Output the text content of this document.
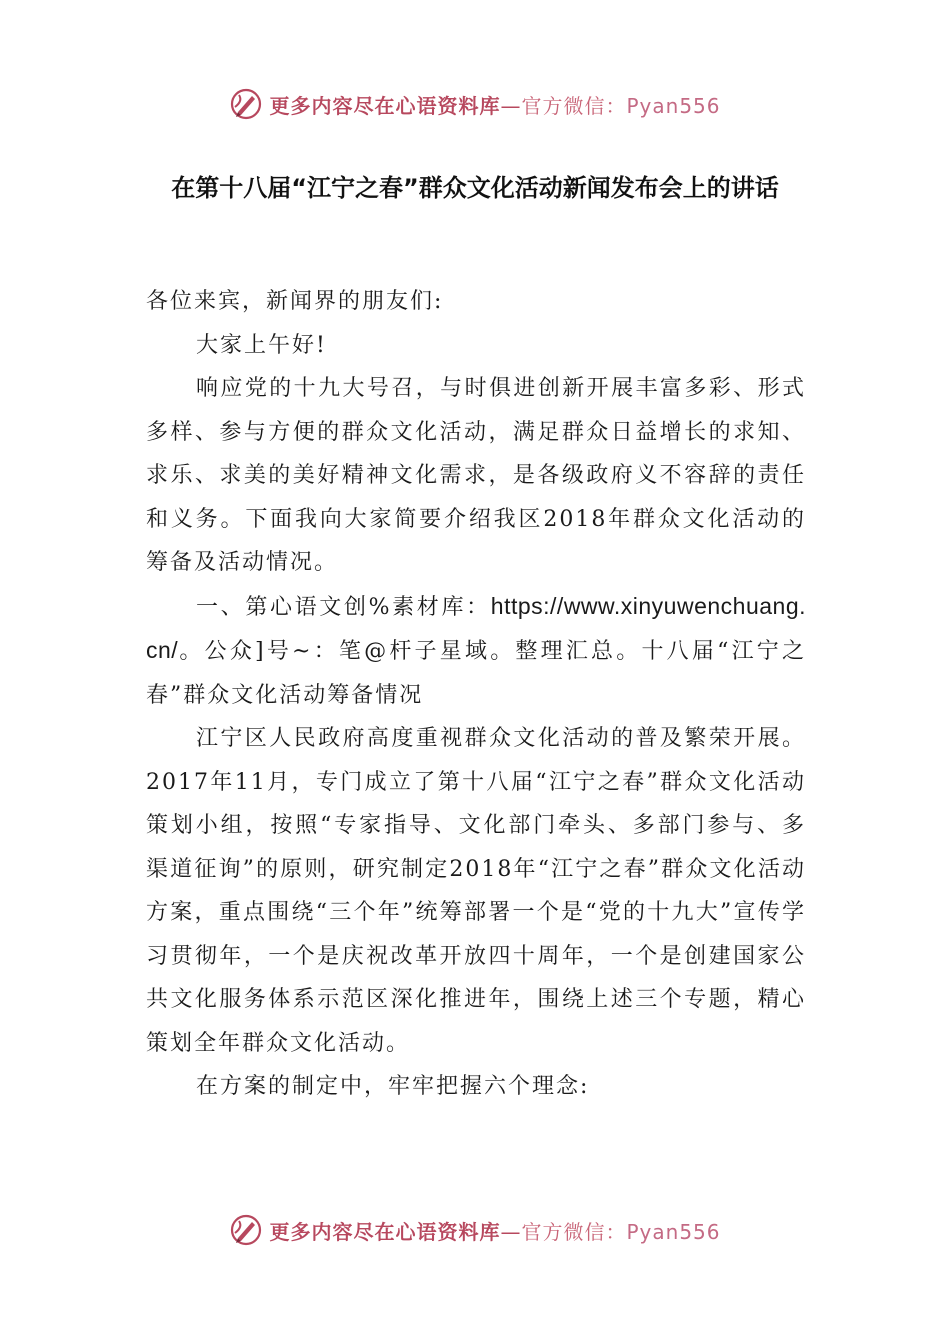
更多内容尽在心语资料库—官方微信：Pyan556
在第十八届“江宁之春”群众文化活动新闻发布会上的讲话

各位来宾，新闻界的朋友们:

大家上午好!

响应党的十九大号召，与时俱进创新开展丰富多彩、形式多样、参与方便的群众文化活动，满足群众日益增长的求知、求乐、求美的美好精神文化需求，是各级政府义不容辞的责任和义务。下面我向大家简要介绍我区2018年群众文化活动的筹备及活动情况。

一、第心语文创%素材库：https://www.xinyuwenchuang.cn/。公众]号~：笔@杆子星域。整理汇总。十八届“江宁之春”群众文化活动筹备情况

江宁区人民政府高度重视群众文化活动的普及繁荣开展。2017年11月，专门成立了第十八届“江宁之春”群众文化活动策划小组，按照“专家指导、文化部门牵头、多部门参与、多渠道征询”的原则，研究制定2018年“江宁之春”群众文化活动方案，重点围绕“三个年”统筹部署一个是“党的十九大”宣传学习贯彻年，一个是庆祝改革开放四十周年，一个是创建国家公共文化服务体系示范区深化推进年，围绕上述三个专题，精心策划全年群众文化活动。

在方案的制定中，牢牢把握六个理念:

更多内容尽在心语资料库—官方微信：Pyan556
